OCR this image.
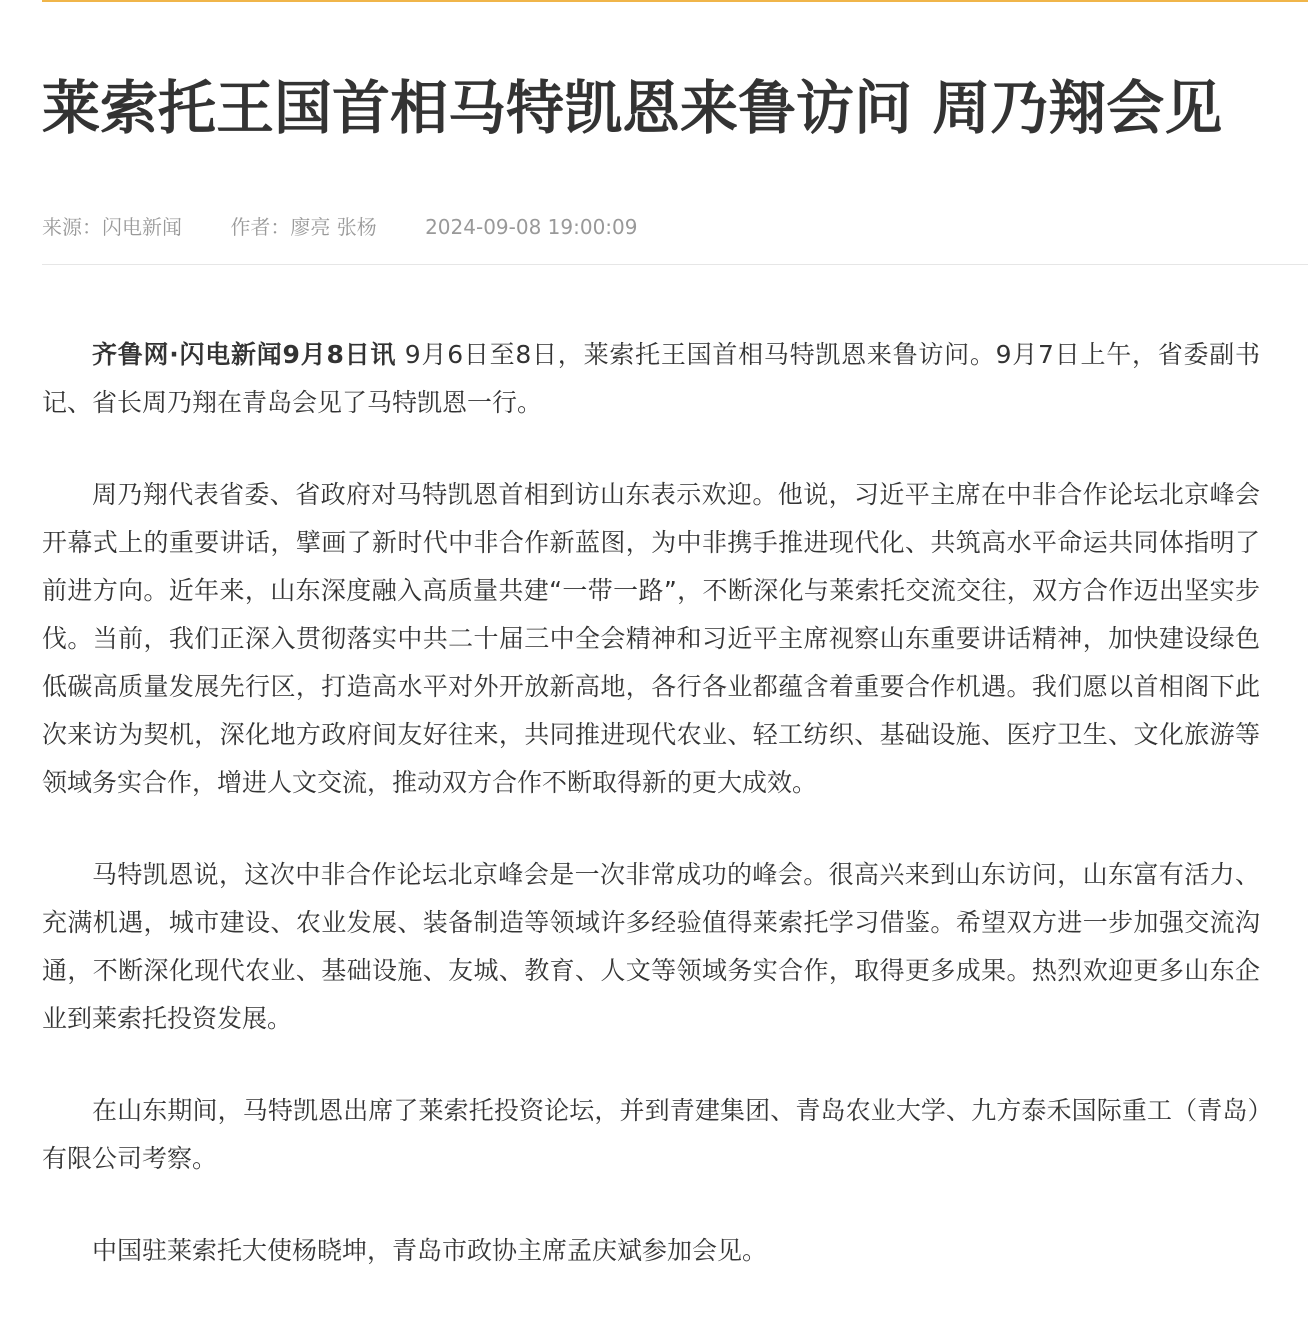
莱索托王国首相马特凯恩来鲁访问 周乃翔会见
来源：闪电新闻 作者：廖亮 张杨 2024-09-08 19:00:09

齐鲁网·闪电新闻9月8日讯 9月6日至8日，莱索托王国首相马特凯恩来鲁访问。9月7日上午，省委副书记、省长周乃翔在青岛会见了马特凯恩一行。

周乃翔代表省委、省政府对马特凯恩首相到访山东表示欢迎。他说，习近平主席在中非合作论坛北京峰会开幕式上的重要讲话，擘画了新时代中非合作新蓝图，为中非携手推进现代化、共筑高水平命运共同体指明了前进方向。近年来，山东深度融入高质量共建“一带一路”，不断深化与莱索托交流交往，双方合作迈出坚实步伐。当前，我们正深入贯彻落实中共二十届三中全会精神和习近平主席视察山东重要讲话精神，加快建设绿色低碳高质量发展先行区，打造高水平对外开放新高地，各行各业都蕴含着重要合作机遇。我们愿以首相阁下此次来访为契机，深化地方政府间友好往来，共同推进现代农业、轻工纺织、基础设施、医疗卫生、文化旅游等领域务实合作，增进人文交流，推动双方合作不断取得新的更大成效。

马特凯恩说，这次中非合作论坛北京峰会是一次非常成功的峰会。很高兴来到山东访问，山东富有活力、充满机遇，城市建设、农业发展、装备制造等领域许多经验值得莱索托学习借鉴。希望双方进一步加强交流沟通，不断深化现代农业、基础设施、友城、教育、人文等领域务实合作，取得更多成果。热烈欢迎更多山东企业到莱索托投资发展。

在山东期间，马特凯恩出席了莱索托投资论坛，并到青建集团、青岛农业大学、九方泰禾国际重工（青岛）有限公司考察。

中国驻莱索托大使杨晓坤，青岛市政协主席孟庆斌参加会见。
